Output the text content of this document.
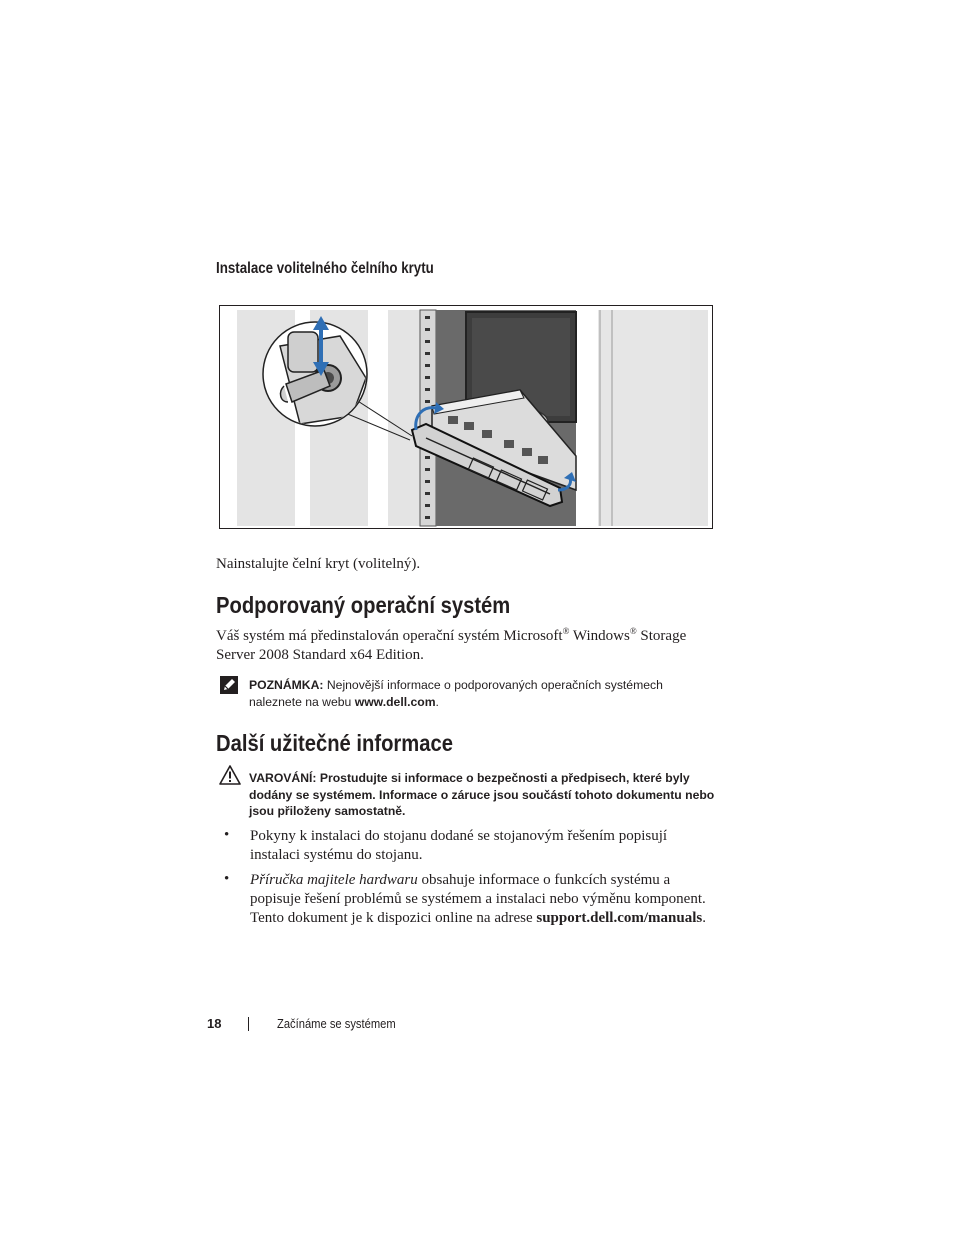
Instalace volitelného čelního krytu
Nainstalujte čelní kryt (volitelný).
Podporovaný operační systém
Váš systém má předinstalován operační systém Microsoft® Windows® Storage Server 2008 Standard x64 Edition.
POZNÁMKA: Nejnovější informace o podporovaných operačních systémech naleznete na webu www.dell.com.
Další užitečné informace
VAROVÁNÍ: Prostudujte si informace o bezpečnosti a předpisech, které byly dodány se systémem. Informace o záruce jsou součástí tohoto dokumentu nebo jsou přiloženy samostatně.
• Pokyny k instalaci do stojanu dodané se stojanovým řešením popisují instalaci systému do stojanu.
• Příručka majitele hardwaru obsahuje informace o funkcích systému a popisuje řešení problémů se systémem a instalaci nebo výměnu komponent. Tento dokument je k dispozici online na adrese support.dell.com/manuals.
18	Začínáme se systémem
